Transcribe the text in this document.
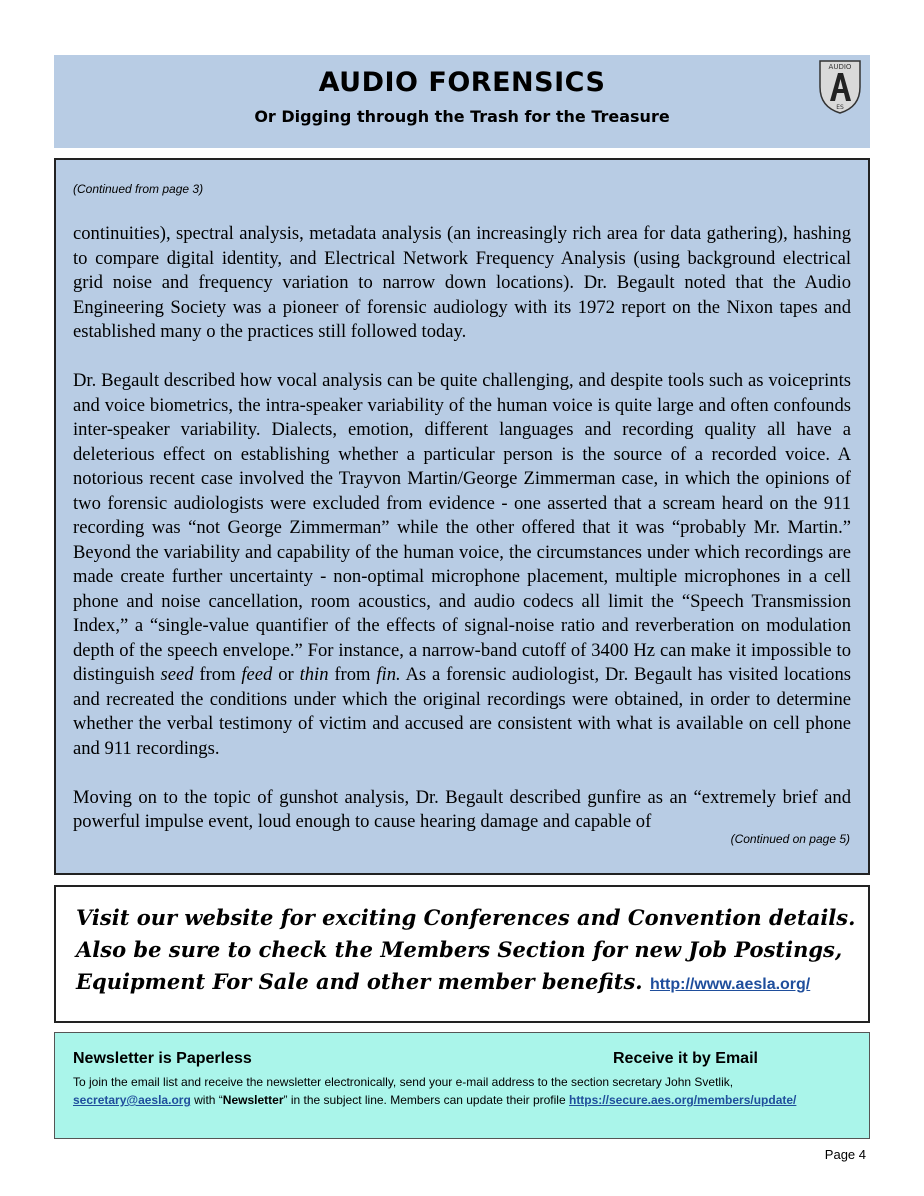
AUDIO FORENSICS
Or Digging through the Trash for the Treasure
AUDIO
ES
(Continued from page 3)

continuities), spectral analysis, metadata analysis (an increasingly rich area for data gathering), hashing to compare digital identity, and Electrical Network Frequency Analysis (using background electrical grid noise and frequency variation to narrow down locations). Dr. Begault noted that the Audio Engineering Society was a pioneer of forensic audiology with its 1972 report on the Nixon tapes and established many o the practices still followed today.

Dr. Begault described how vocal analysis can be quite challenging, and despite tools such as voiceprints and voice biometrics, the intra-speaker variability of the human voice is quite large and often confounds inter-speaker variability. Dialects, emotion, different languages and recording quality all have a deleterious effect on establishing whether a particular person is the source of a recorded voice. A notorious recent case involved the Trayvon Martin/George Zimmerman case, in which the opinions of two forensic audiologists were excluded from evidence - one asserted that a scream heard on the 911 recording was “not George Zimmerman” while the other offered that it was “probably Mr. Martin.” Beyond the variability and capability of the human voice, the circumstances under which recordings are made create further uncertainty - non-optimal microphone placement, multiple microphones in a cell phone and noise cancellation, room acoustics, and audio codecs all limit the “Speech Transmission Index,” a “single-value quantifier of the effects of signal-noise ratio and reverberation on modulation depth of the speech envelope.” For instance, a narrow-band cutoff of 3400 Hz can make it impossible to distinguish seed from feed or thin from fin. As a forensic audiologist, Dr. Begault has visited locations and recreated the conditions under which the original recordings were obtained, in order to determine whether the verbal testimony of victim and accused are consistent with what is available on cell phone and 911 recordings.

Moving on to the topic of gunshot analysis, Dr. Begault described gunfire as an “extremely brief and powerful impulse event, loud enough to cause hearing damage and capable of

(Continued on page 5)
Visit our website for exciting Conferences and Convention details. Also be sure to check the Members Section for new Job Postings, Equipment For Sale and other member benefits. http://www.aesla.org/
Newsletter is Paperless	Receive it by Email
To join the email list and receive the newsletter electronically, send your e-mail address to the section secretary John Svetlik, secretary@aesla.org with “Newsletter” in the subject line. Members can update their profile https://secure.aes.org/members/update/
Page 4
